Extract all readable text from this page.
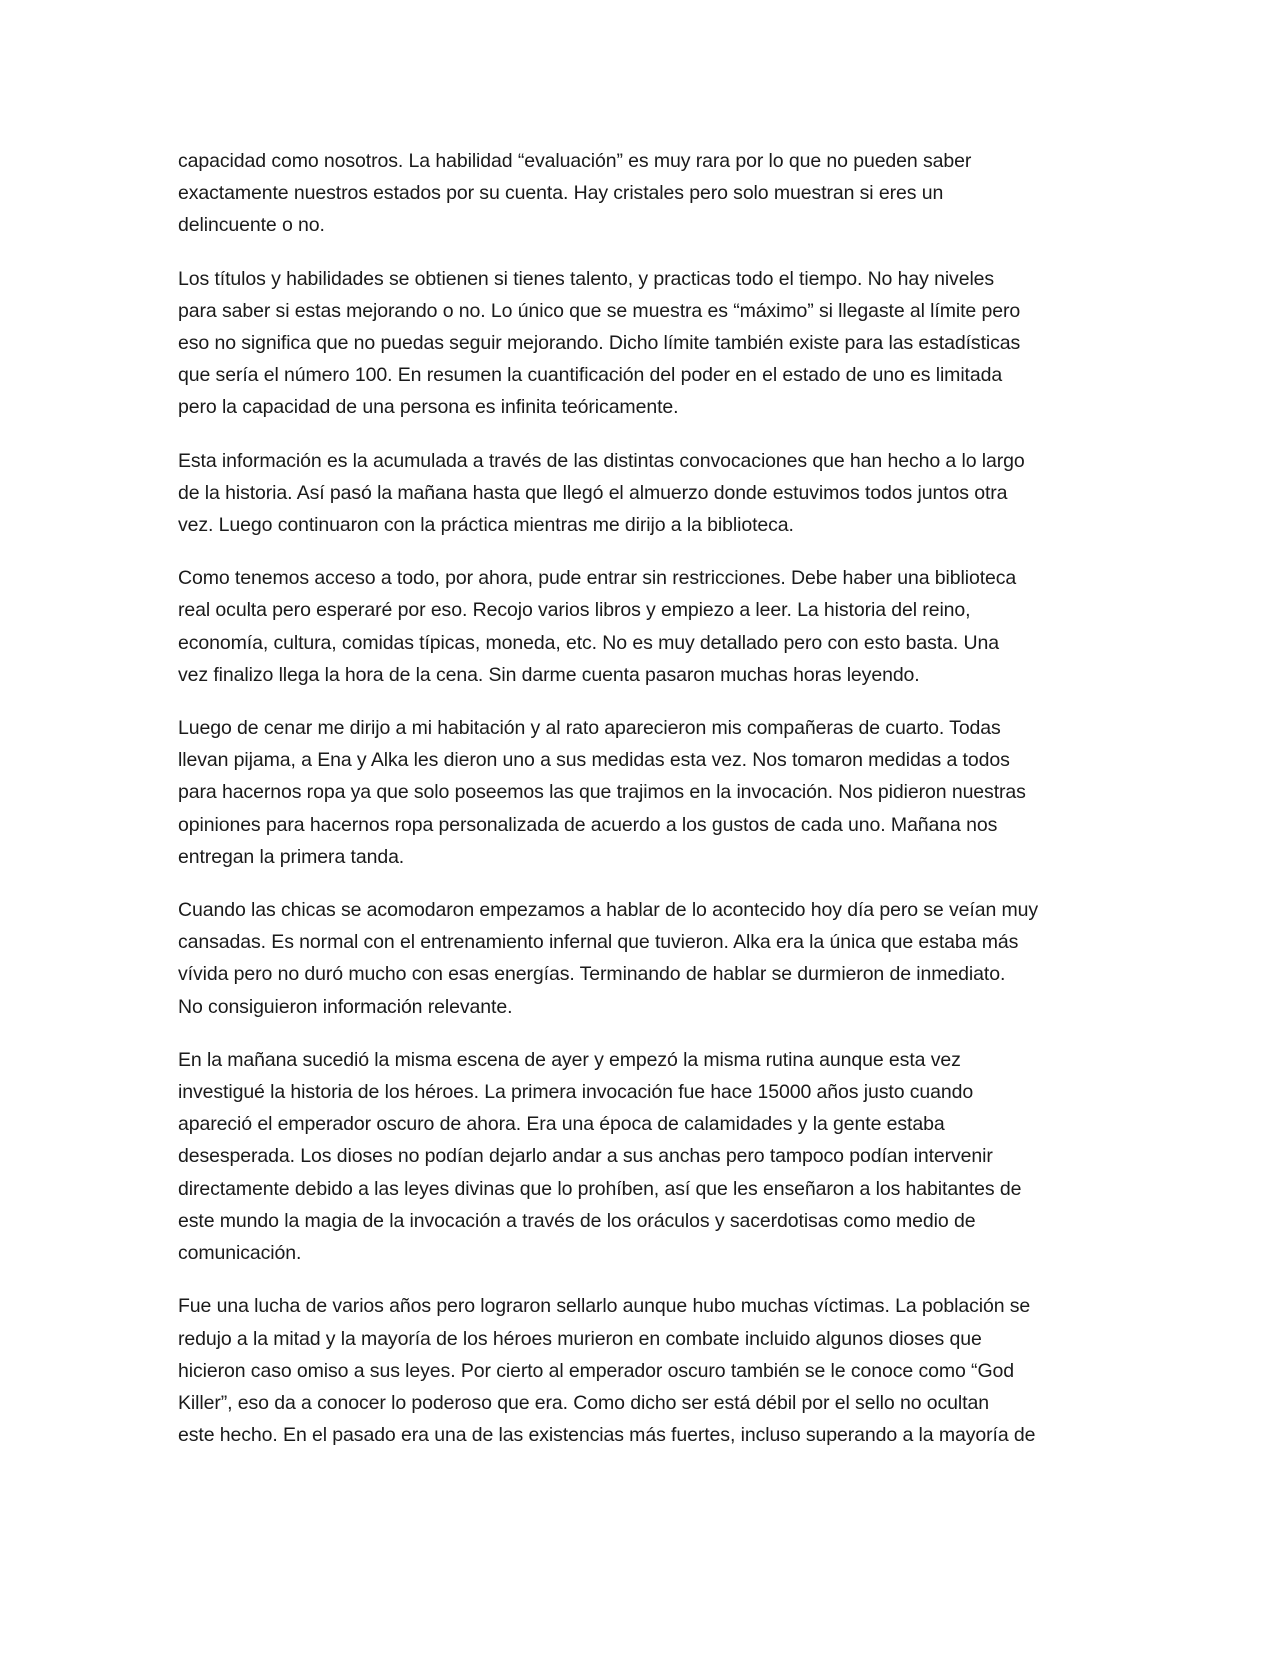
capacidad como nosotros. La habilidad “evaluación” es muy rara por lo que no pueden saber
exactamente nuestros estados por su cuenta. Hay cristales pero solo muestran si eres un
delincuente o no.

Los títulos y habilidades se obtienen si tienes talento, y practicas todo el tiempo. No hay niveles
para saber si estas mejorando o no. Lo único que se muestra es “máximo” si llegaste al límite pero
eso no significa que no puedas seguir mejorando. Dicho límite también existe para las estadísticas
que sería el número 100. En resumen la cuantificación del poder en el estado de uno es limitada
pero la capacidad de una persona es infinita teóricamente.

Esta información es la acumulada a través de las distintas convocaciones que han hecho a lo largo
de la historia. Así pasó la mañana hasta que llegó el almuerzo donde estuvimos todos juntos otra
vez. Luego continuaron con la práctica mientras me dirijo a la biblioteca.

Como tenemos acceso a todo, por ahora, pude entrar sin restricciones. Debe haber una biblioteca
real oculta pero esperaré por eso. Recojo varios libros y empiezo a leer. La historia del reino,
economía, cultura, comidas típicas, moneda, etc. No es muy detallado pero con esto basta. Una
vez finalizo llega la hora de la cena. Sin darme cuenta pasaron muchas horas leyendo.

Luego de cenar me dirijo a mi habitación y al rato aparecieron mis compañeras de cuarto. Todas
llevan pijama, a Ena y Alka les dieron uno a sus medidas esta vez. Nos tomaron medidas a todos
para hacernos ropa ya que solo poseemos las que trajimos en la invocación. Nos pidieron nuestras
opiniones para hacernos ropa personalizada de acuerdo a los gustos de cada uno. Mañana nos
entregan la primera tanda.

Cuando las chicas se acomodaron empezamos a hablar de lo acontecido hoy día pero se veían muy
cansadas. Es normal con el entrenamiento infernal que tuvieron. Alka era la única que estaba más
vívida pero no duró mucho con esas energías. Terminando de hablar se durmieron de inmediato.
No consiguieron información relevante.

En la mañana sucedió la misma escena de ayer y empezó la misma rutina aunque esta vez
investigué la historia de los héroes. La primera invocación fue hace 15000 años justo cuando
apareció el emperador oscuro de ahora. Era una época de calamidades y la gente estaba
desesperada. Los dioses no podían dejarlo andar a sus anchas pero tampoco podían intervenir
directamente debido a las leyes divinas que lo prohíben, así que les enseñaron a los habitantes de
este mundo la magia de la invocación a través de los oráculos y sacerdotisas como medio de
comunicación.

Fue una lucha de varios años pero lograron sellarlo aunque hubo muchas víctimas. La población se
redujo a la mitad y la mayoría de los héroes murieron en combate incluido algunos dioses que
hicieron caso omiso a sus leyes. Por cierto al emperador oscuro también se le conoce como “God
Killer”, eso da a conocer lo poderoso que era. Como dicho ser está débil por el sello no ocultan
este hecho. En el pasado era una de las existencias más fuertes, incluso superando a la mayoría de
